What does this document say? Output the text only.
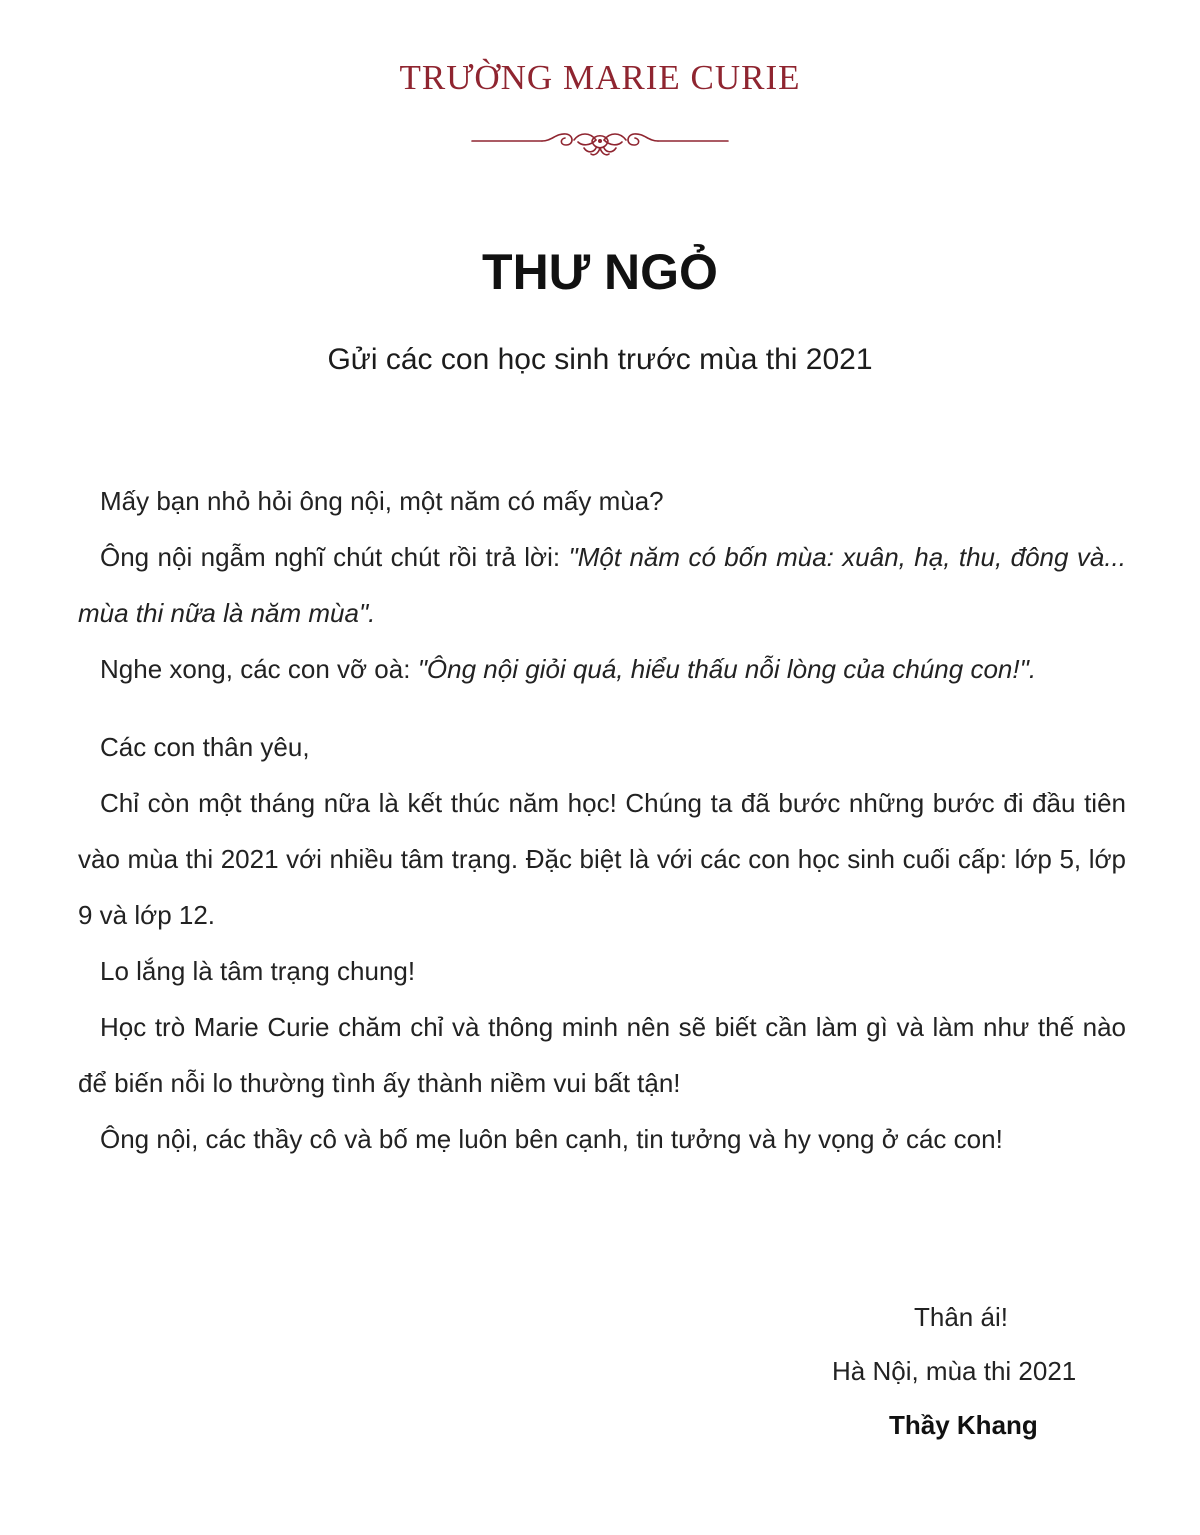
TRƯỜNG MARIE CURIE
THƯ NGỎ
Gửi các con học sinh trước mùa thi 2021

Mấy bạn nhỏ hỏi ông nội, một năm có mấy mùa?

Ông nội ngẫm nghĩ chút chút rồi trả lời: "Một năm có bốn mùa: xuân, hạ, thu, đông và... mùa thi nữa là năm mùa".

Nghe xong, các con vỡ oà: "Ông nội giỏi quá, hiểu thấu nỗi lòng của chúng con!".

Các con thân yêu,

Chỉ còn một tháng nữa là kết thúc năm học! Chúng ta đã bước những bước đi đầu tiên vào mùa thi 2021 với nhiều tâm trạng. Đặc biệt là với các con học sinh cuối cấp: lớp 5, lớp 9 và lớp 12.

Lo lắng là tâm trạng chung!

Học trò Marie Curie chăm chỉ và thông minh nên sẽ biết cần làm gì và làm như thế nào để biến nỗi lo thường tình ấy thành niềm vui bất tận!

Ông nội, các thầy cô và bố mẹ luôn bên cạnh, tin tưởng và hy vọng ở các con!

Thân ái!
Hà Nội, mùa thi 2021
Thầy Khang
